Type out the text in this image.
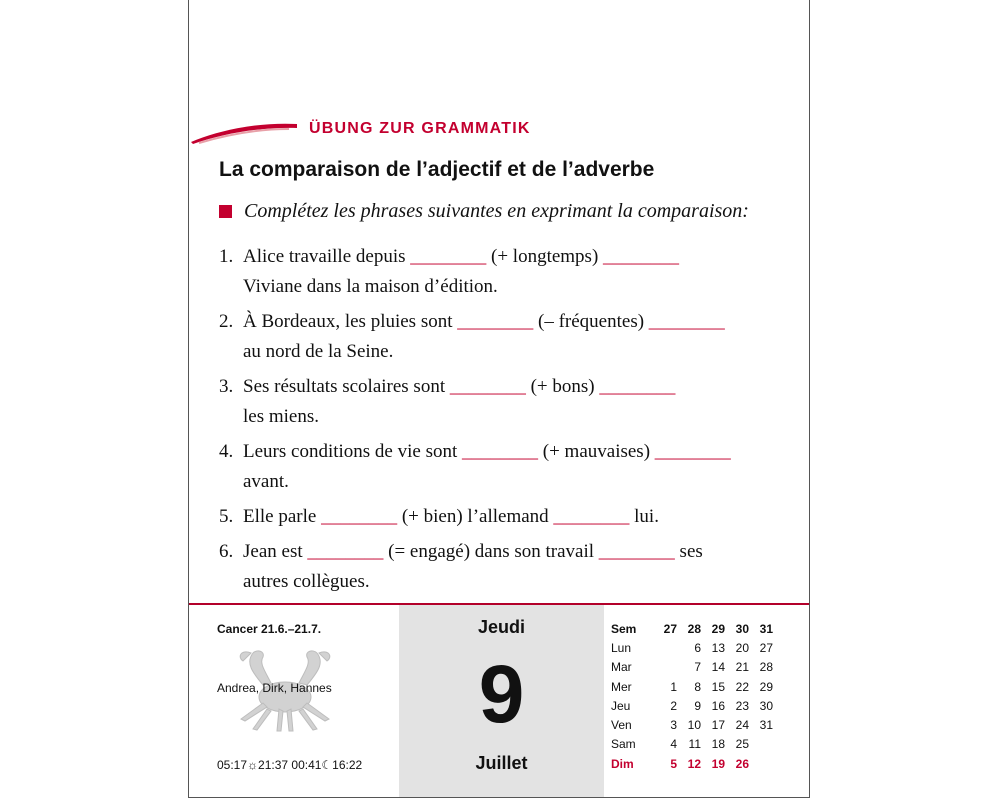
ÜBUNG ZUR GRAMMATIK
La comparaison de l’adjectif et de l’adverbe
Complétez les phrases suivantes en exprimant la comparaison:
1. Alice travaille depuis ________ (+ longtemps) ________
Viviane dans la maison d’édition.
2. À Bordeaux, les pluies sont ________ (– fréquentes) ________
au nord de la Seine.
3. Ses résultats scolaires sont ________ (+ bons) ________
les miens.
4. Leurs conditions de vie sont ________ (+ mauvaises) ________
avant.
5. Elle parle ________ (+ bien) l’allemand ________ lui.
6. Jean est ________ (= engagé) dans son travail ________ ses
autres collègues.
Cancer 21.6.–21.7.
Andrea, Dirk, Hannes
05:17☼21:37 00:41☾16:22
Jeudi
9
Juillet
Sem	27	28	29	30	31
Lun		6	13	20	27
Mar		7	14	21	28
Mer	1	8	15	22	29
Jeu	2	9	16	23	30
Ven	3	10	17	24	31
Sam	4	11	18	25	
Dim	5	12	19	26	
